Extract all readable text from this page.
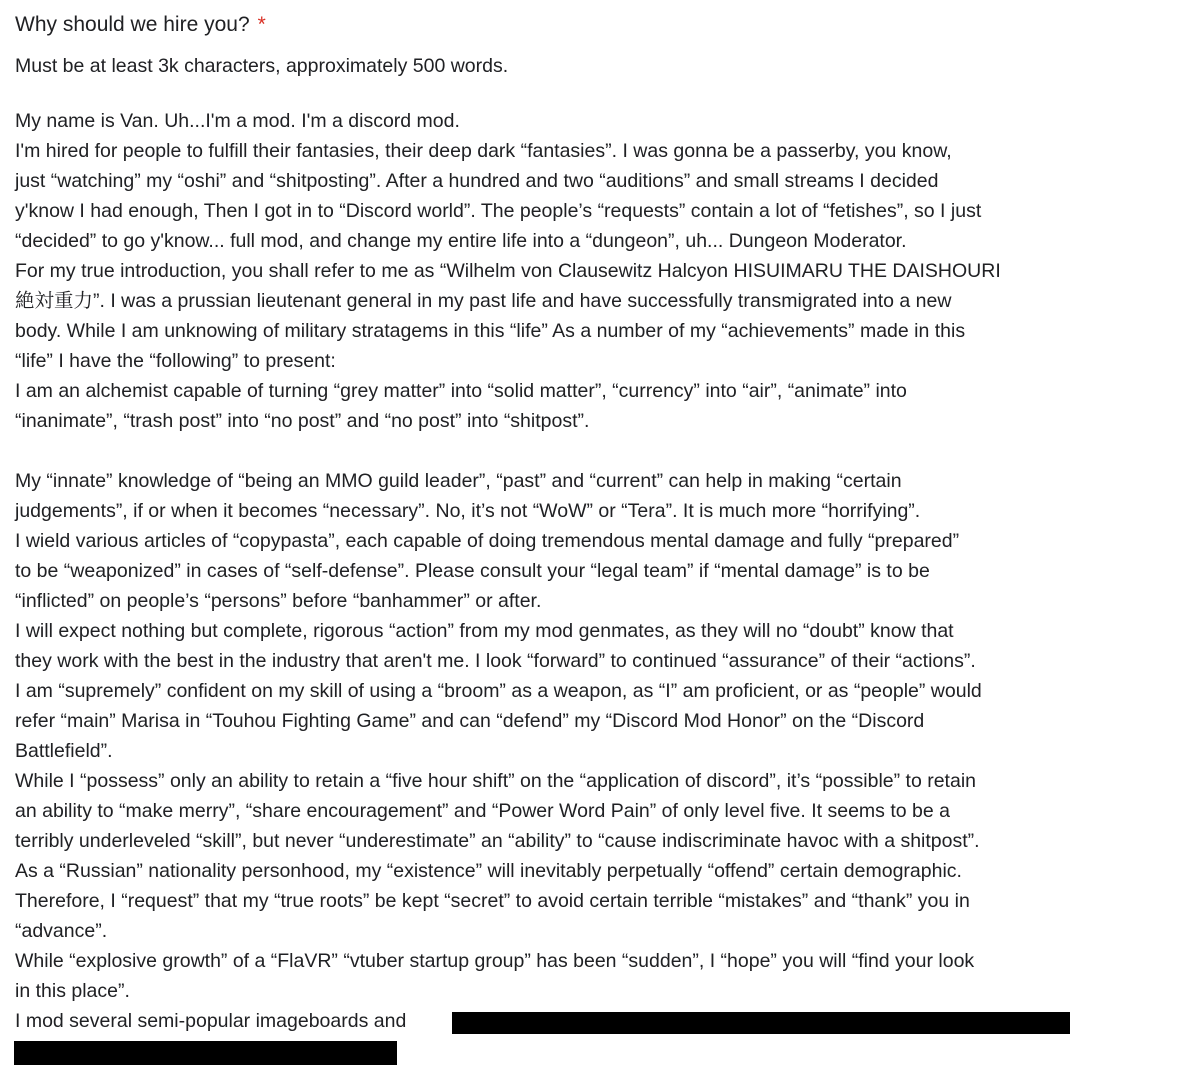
Why should we hire you? *
Must be at least 3k characters, approximately 500 words.
My name is Van. Uh...I'm a mod. I'm a discord mod.
I'm hired for people to fulfill their fantasies, their deep dark “fantasies”. I was gonna be a passerby, you know,
just “watching” my “oshi” and “shitposting”. After a hundred and two “auditions” and small streams I decided
y'know I had enough, Then I got in to “Discord world”. The people’s “requests” contain a lot of “fetishes”, so I just
“decided” to go y'know... full mod, and change my entire life into a “dungeon”, uh... Dungeon Moderator.
For my true introduction, you shall refer to me as “Wilhelm von Clausewitz Halcyon HISUIMARU THE DAISHOURI
絶対重力”. I was a prussian lieutenant general in my past life and have successfully transmigrated into a new
body. While I am unknowing of military stratagems in this “life” As a number of my “achievements” made in this
“life” I have the “following” to present:
I am an alchemist capable of turning “grey matter” into “solid matter”, “currency” into “air”, “animate” into
“inanimate”, “trash post” into “no post” and “no post” into “shitpost”.
My “innate” knowledge of “being an MMO guild leader”, “past” and “current” can help in making “certain
judgements”, if or when it becomes “necessary”. No, it’s not “WoW” or “Tera”. It is much more “horrifying”.
I wield various articles of “copypasta”, each capable of doing tremendous mental damage and fully “prepared”
to be “weaponized” in cases of “self-defense”. Please consult your “legal team” if “mental damage” is to be
“inflicted” on people’s “persons” before “banhammer” or after.
I will expect nothing but complete, rigorous “action” from my mod genmates, as they will no “doubt” know that
they work with the best in the industry that aren't me. I look “forward” to continued “assurance” of their “actions”.
I am “supremely” confident on my skill of using a “broom” as a weapon, as “I” am proficient, or as “people” would
refer “main” Marisa in “Touhou Fighting Game” and can “defend” my “Discord Mod Honor” on the “Discord
Battlefield”.
While I “possess” only an ability to retain a “five hour shift” on the “application of discord”, it’s “possible” to retain
an ability to “make merry”, “share encouragement” and “Power Word Pain” of only level five. It seems to be a
terribly underleveled “skill”, but never “underestimate” an “ability” to “cause indiscriminate havoc with a shitpost”.
As a “Russian” nationality personhood, my “existence” will inevitably perpetually “offend” certain demographic.
Therefore, I “request” that my “true roots” be kept “secret” to avoid certain terrible “mistakes” and “thank” you in
“advance”.
While “explosive growth” of a “FlaVR” “vtuber startup group” has been “sudden”, I “hope” you will “find your look
in this place”.
I mod several semi-popular imageboards and
